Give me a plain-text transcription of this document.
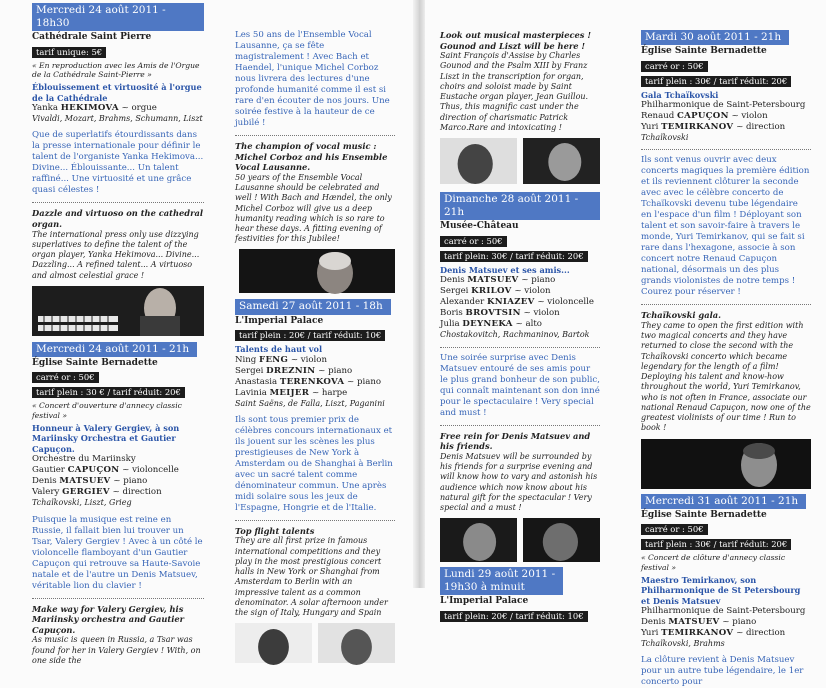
Mercredi 24 août 2011 - 18h30
Cathédrale Saint Pierre
tarif unique: 5€
« En reproduction avec les Amis de l'Orgue de la Cathédrale Saint-Pierre »
Éblouissement et virtuosité à l'orgue de la Cathédrale
Yanka HEKIMOVA ~ orgue
Vivaldi, Mozart, Brahms, Schumann, Liszt
Que de superlatifs étourdissants dans la presse internationale pour définir le talent de l'organiste Yanka Hekimova... Divine... Éblouissante... Un talent raffiné... Une virtuosité et une grâce quasi célestes !
Dazzle and virtuoso on the cathedral organ.
The international press only use dizzying superlatives to define the talent of the organ player, Yanka Hekimova... Divine... Dazzling... A refined talent... A virtuoso and almost celestial grace !
Mercredi 24 août 2011 - 21h
Église Sainte Bernadette
carré or : 50€
tarif plein : 30 € / tarif réduit: 20€
« Concert d'ouverture d'annecy classic festival »
Honneur à Valery Gergiev, à son Mariinsky Orchestra et Gautier Capuçon.
Orchestre du Mariinsky
Gautier CAPUÇON ~ violoncelle
Denis MATSUEV ~ piano
Valery GERGIEV ~ direction
Tchaïkovski, Liszt, Grieg
Puisque la musique est reine en Russie, il fallait bien lui trouver un Tsar, Valery Gergiev ! Avec à un côté le violoncelle flamboyant d'un Gautier Capuçon qui retrouve sa Haute-Savoie natale et de l'autre un Denis Matsuev, véritable lion du clavier !
Make way for Valery Gergiev, his Mariinsky orchestra and Gautier Capuçon.
As music is queen in Russia, a Tsar was found for her in Valery Gergiev ! With, on one side the
Les 50 ans de l'Ensemble Vocal Lausanne, ça se fête magistralement ! Avec Bach et Haendel, l'unique Michel Corboz nous livrera des lectures d'une profonde humanité comme il est si rare d'en écouter de nos jours. Une soirée festive à la hauteur de ce jubilé !
The champion of vocal music : Michel Corboz and his Ensemble Vocal Lausanne.
50 years of the Ensemble Vocal Lausanne should be celebrated and well ! With Bach and Hændel, the only Michel Corboz will give us a deep humanity reading which is so rare to hear these days. A fitting evening of festivities for this Jubilee!
Samedi 27 août 2011 - 18h
L'Imperial Palace
tarif plein : 20€ / tarif réduit: 10€
Talents de haut vol
Ning FENG ~ violon
Sergei DREZNIN ~ piano
Anastasia TERENKOVA ~ piano
Lavinia MEIJER ~ harpe
Saint Saëns, de Falla, Liszt, Paganini
Ils sont tous premier prix de célèbres concours internationaux et ils jouent sur les scènes les plus prestigieuses de New York à Amsterdam ou de Shanghai à Berlin avec un sacré talent comme dénominateur commun. Une après midi solaire sous les jeux de l'Espagne, Hongrie et de l'Italie.
Top flight talents
They are all first prize in famous international competitions and they play in the most prestigious concert halls in New York or Shanghai from Amsterdam to Berlin with an impressive talent as a common denominator. A solar afternoon under the sign of Italy, Hungary and Spain
Look out musical masterpieces ! Gounod and Liszt will be here !
Saint François d'Assise by Charles Gounod and the Psalm XIII by Franz Liszt in the transcription for organ, choirs and soloist made by Saint Eustache organ player, Jean Guillou. Thus, this magnific cast under the direction of charismatic Patrick Marco.Rare and intoxicating !
Dimanche 28 août 2011 - 21h
Musée-Château
carré or : 50€
tarif plein: 30€ / tarif réduit: 20€
Denis Matsuev et ses amis...
Denis MATSUEV ~ piano
Sergei KRILOV ~ violon
Alexander KNIAZEV ~ violoncelle
Boris BROVTSIN ~ violon
Julia DEYNEKA ~ alto
Chostakovitch, Rachmaninov, Bartok
Une soirée surprise avec Denis Matsuev entouré de ses amis pour le plus grand bonheur de son public, qui connaît maintenant son don inné pour le spectaculaire ! Very special and must !
Free rein for Denis Matsuev and his friends.
Denis Matsuev will be surrounded by his friends for a surprise evening and will know how to vary and astonish his audience which now know about his natural gift for the spectacular ! Very special and a must !
Lundi 29 août 2011 -
19h30 à minuit
L'Imperial Palace
tarif plein: 20€ / tarif réduit: 10€
Mardi 30 août 2011 - 21h
Église Sainte Bernadette
carré or : 50€
tarif plein : 30€ / tarif réduit: 20€
Gala Tchaïkovski
Philharmonique de Saint-Petersbourg
Renaud CAPUÇON ~ violon
Yuri TEMIRKANOV ~ direction
Tchaïkovski
Ils sont venus ouvrir avec deux concerts magiques la première édition et ils reviennent clôturer la seconde avec avec le célèbre concerto de Tchaïkovski devenu tube légendaire en l'espace d'un film ! Déployant son talent et son savoir-faire à travers le monde, Yuri Temirkanov, qui se fait si rare dans l'hexagone, associe à son concert notre Renaud Capuçon national, désormais un des plus grands violonistes de notre temps ! Courez pour réserver !
Tchaïkovski gala.
They came to open the first edition with two magical concerts and they have returned to close the second with the Tchaïkovski concerto which became legendary for the length of a film! Deploying his talent and know-how throughout the world, Yuri Temirkanov, who is not often in France, associate our national Renaud Capuçon, now one of the greatest violinists of our time ! Run to book !
Mercredi 31 août 2011 - 21h
Église Sainte Bernadette
carré or : 50€
tarif plein : 30€ / tarif réduit: 20€
« Concert de clôture d'annecy classic festival »
Maestro Temirkanov, son Philharmonique de St Petersbourg et Denis Matsuev
Philharmonique de Saint-Petersbourg
Denis MATSUEV ~ piano
Yuri TEMIRKANOV ~ direction
Tchaïkovski, Brahms
La clôture revient à Denis Matsuev pour un autre tube légendaire, le 1er concerto pour
